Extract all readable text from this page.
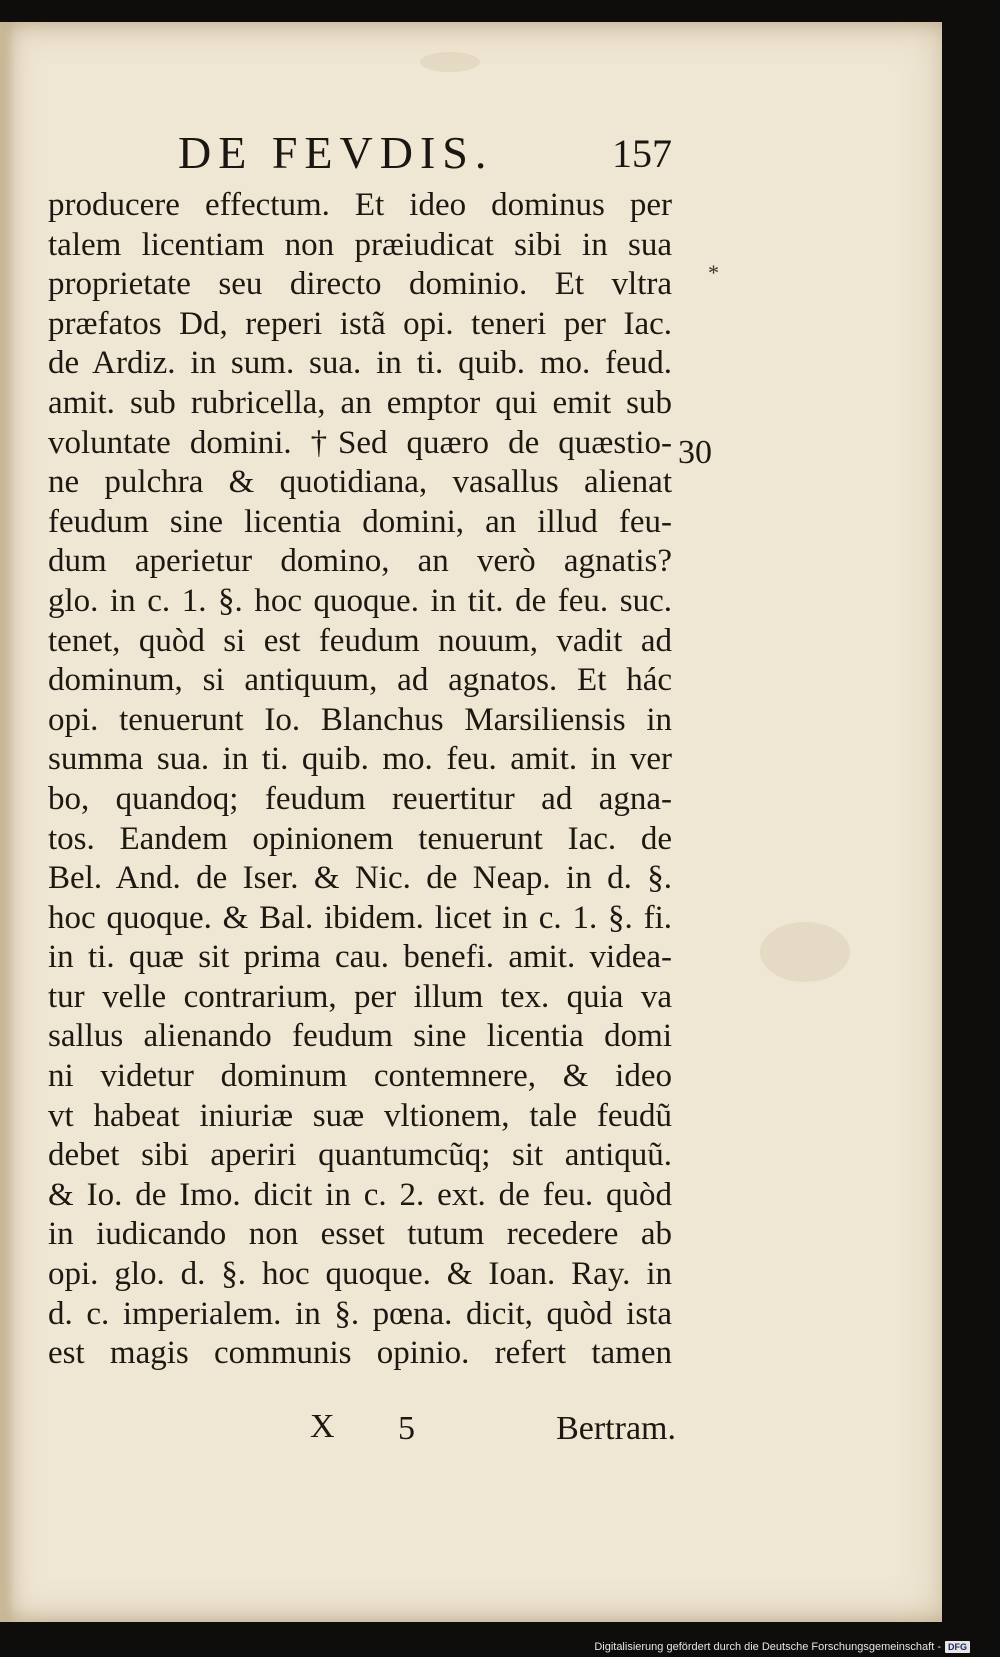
DE FEVDIS.	157
*
30
producere effectum. Et ideo dominus per
talem licentiam non præiudicat sibi in sua
proprietate seu directo dominio. Et vltra
præfatos Dd, reperi istã opi. teneri per Iac.
de Ardiz. in sum. sua. in ti. quib. mo. feud.
amit. sub rubricella, an emptor qui emit sub
voluntate domini. †Sed quæro de quæstio-
ne pulchra & quotidiana, vasallus alienat
feudum sine licentia domini, an illud feu-
dum aperietur domino, an verò agnatis?
glo. in c. 1. §. hoc quoque. in tit. de feu. suc.
tenet, quòd si est feudum nouum, vadit ad
dominum, si antiquum, ad agnatos. Et hác
opi. tenuerunt Io. Blanchus Marsiliensis in
summa sua. in ti. quib. mo. feu. amit. in ver
bo, quandoq; feudum reuertitur ad agna-
tos. Eandem opinionem tenuerunt Iac. de
Bel. And. de Iser. & Nic. de Neap. in d. §.
hoc quoque. & Bal. ibidem. licet in c. 1. §. fi.
in ti. quæ sit prima cau. benefi. amit. videa-
tur velle contrarium, per illum tex. quia va
sallus alienando feudum sine licentia domi
ni videtur dominum contemnere, & ideo
vt habeat iniuriæ suæ vltionem, tale feudũ
debet sibi aperiri quantumcũq; sit antiquũ.
& Io. de Imo. dicit in c. 2. ext. de feu. quòd
in iudicando non esset tutum recedere ab
opi. glo. d. §. hoc quoque. & Ioan. Ray. in
d. c. imperialem. in §. pœna. dicit, quòd ista
est magis communis opinio. refert tamen
X 5	Bertram.
Digitalisierung gefördert durch die Deutsche Forschungsgemeinschaft - DFG
